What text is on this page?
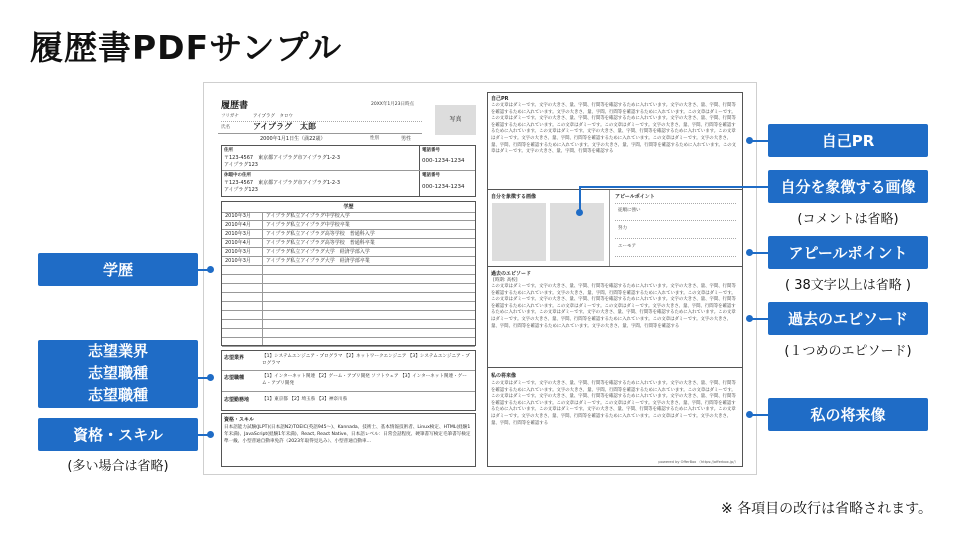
履歴書PDFサンプル
履歴書	20XX年1月23日時点
写真
フリガナ	アイプラグ　タロウ
氏名	アイプラグ　太郎
2000年1月1日生（満22歳）	性別	男性
住所
〒123-4567　東京都アイプラグ市アイプラグ1-2-3
アイプラグ123
電話番号
000-1234-1234
休暇中の住所
〒123-4567　東京都アイプラグ市アイプラグ1-2-3
アイプラグ123
電話番号
000-1234-1234
学歴
2010年3月	アイプラグ私立アイプラグ中学校入学
2010年4月	アイプラグ私立アイプラグ中学校卒業
2010年3月	アイプラグ私立アイプラグ高等学校　普通科入学
2010年4月	アイプラグ私立アイプラグ高等学校　普通科卒業
2010年3月	アイプラグ私立アイプラグ大学　経済学部入学
2010年3月	アイプラグ私立アイプラグ大学　経済学部卒業
志望業界	【1】システムエンジニア・プログラマ 【2】ネットワークエンジニア 【3】システムエンジニア・プログラマ
志望職種	【1】インターネット関連 【2】ゲーム・アプリ開発 ソフトウェア 【3】インターネット関連・ゲーム・アプリ開発
志望勤務地	【1】東京都 【2】埼玉県 【3】神奈川県
資格・スキル
日本語能力試験(JLPT)(日本語N2)TOEIC(英語945～)、Kannada、技術士、基本情報技術者、Linux検定、HTML(経験1年未満)、JavaScript(経験1年未満)、React, React Native、日本語レベル：日常会話程度、硬筆書写検定毛筆書写検定準一級、小型普通自動車免許（2023年取得見込み）、小型普通自動車...
自己PR
この文章はダミーです。文字の大きさ、量、字間、行間等を確認するために入れています。文字の大きさ、量、字間、行間等を確認するために入れています。文字の大きさ、量、字間、行間等を確認するために入れています。この文章はダミーです。この文章はダミーです。文字の大きさ、量、字間、行間等を確認するために入れています。文字の大きさ、量、字間、行間等を確認するために入れています。この文章はダミーです。この文章はダミーです。文字の大きさ、量、字間、行間等を確認するために入れています。この文章はダミーです。文字の大きさ、量、字間、行間等を確認するために入れています。この文章はダミーです。文字の大きさ、量、字間、行間等を確認するために入れています。この文章はダミーです。文字の大きさ、量、字間、行間等を確認するために入れています。文字の大きさ、量、字間、行間等を確認するために入れています。この文章はダミーです。文字の大きさ、量、字間、行間等を確認する
自分を象徴する画像	アピールポイント
従順に強い
努力
ユーモア
過去のエピソード
[時期: 高校]
この文章はダミーです。文字の大きさ、量、字間、行間等を確認するために入れています。文字の大きさ、量、字間、行間等を確認するために入れています。文字の大きさ、量、字間、行間等を確認するために入れています。この文章はダミーです。この文章はダミーです。文字の大きさ、量、字間、行間等を確認するために入れています。文字の大きさ、量、字間、行間等を確認するために入れています。この文章はダミーです。この文章はダミーです。文字の大きさ、量、字間、行間等を確認するために入れています。この文章はダミーです。文字の大きさ、量、字間、行間等を確認するために入れています。この文章はダミーです。文字の大きさ、量、字間、行間等を確認するために入れています。この文章はダミーです。文字の大きさ、量、字間、行間等を確認するために入れています。文字の大きさ、量、字間、行間等を確認する
私の将来像
この文章はダミーです。文字の大きさ、量、字間、行間等を確認するために入れています。文字の大きさ、量、字間、行間等を確認するために入れています。文字の大きさ、量、字間、行間等を確認するために入れています。この文章はダミーです。この文章はダミーです。文字の大きさ、量、字間、行間等を確認するために入れています。文字の大きさ、量、字間、行間等を確認するために入れています。この文章はダミーです。この文章はダミーです。文字の大きさ、量、字間、行間等を確認するために入れています。この文章はダミーです。文字の大きさ、量、字間、行間等を確認するために入れています。この文章はダミーです。文字の大きさ、量、字間、行間等を確認するために入れています。この文章はダミーです。文字の大きさ、量、字間、行間等を確認する
powered by OfferBox （https://offerbox.jp/）
学歴
志望業界
志望職種
志望職種
資格・スキル
(多い場合は省略)
自己PR
自分を象徴する画像
(コメントは省略)
アピールポイント
( 38文字以上は省略 )
過去のエピソード
(１つめのエピソード)
私の将来像
※ 各項目の改行は省略されます。
